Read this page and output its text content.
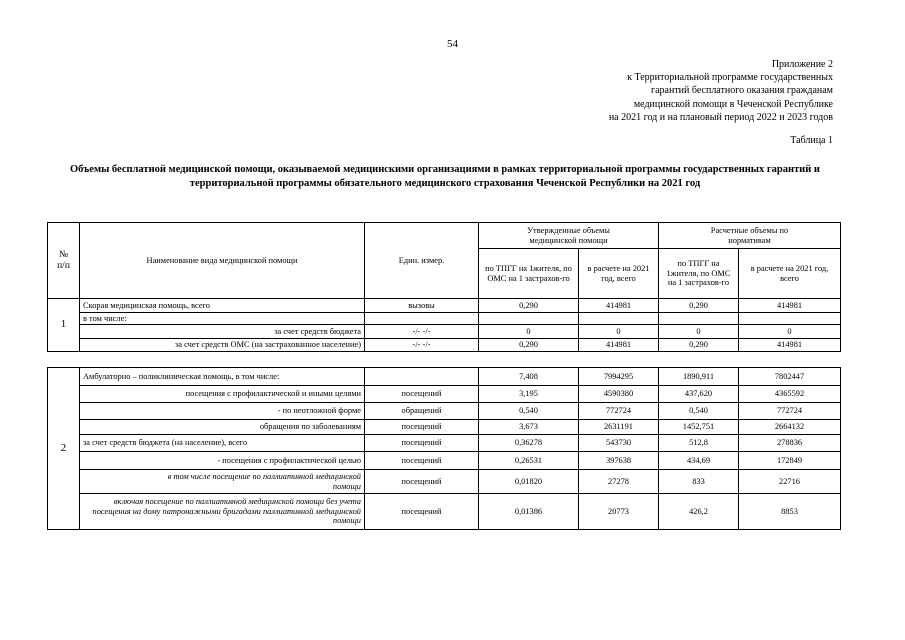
54
Приложение 2
к Территориальной программе государственных
гарантий бесплатного оказания гражданам
медицинской помощи в Чеченской Республике
на 2021 год и на плановый период 2022 и 2023 годов
Таблица 1
Объемы бесплатной медицинской помощи, оказываемой медицинскими организациями в рамках территориальной программы государственных гарантий и территориальной программы обязательного медицинского страхования Чеченской Республики на 2021 год
№
п/п	Наименование вида медицинской помощи	Един. измер.	Утвержденные объемы медицинской помощи		Расчетные объемы по нормативам	
			по ТПГГ на 1жителя, по ОМС на 1 застрахов-го	в расчете на 2021 год, всего	по ТПГГ на 1жителя, по ОМС на 1 застрахов-го	в расчете на 2021 год, всего
1	Скорая медицинская помощь, всего	вызовы	0,290	414981	0,290	414981
	в том числе:					
	за счет средств бюджета	-/- -/-	0	0	0	0
	за счет средств ОМС (на застрахованное население)	-/- -/-	0,290	414981	0,290	414981
2	Амбулаторно – поликлиническая помощь, в том числе:		7,408	7994295	1890,911	7802447
	посещения с профилактической и иными целями	посещений	3,195	4590380	437,620	4365592
	- по неотложной форме	обращений	0,540	772724	0,540	772724
	обращения по заболеваниям	посещений	3,673	2631191	1452,751	2664132
	за счет средств бюджета (на население), всего	посещений	0,36278	543730	512,8	278836
	- посещения с профилактической целью	посещений	0,26531	397638	434,69	172849
	в том числе посещение по паллиативной медицинской помощи	посещений	0,01820	27278	833	22716
	включая посещение по паллиативной медицинской помощи без учета посещения на дому патронажными бригадами паллиативной медицинской помощи	посещений	0,01386	20773	426,2	8853
